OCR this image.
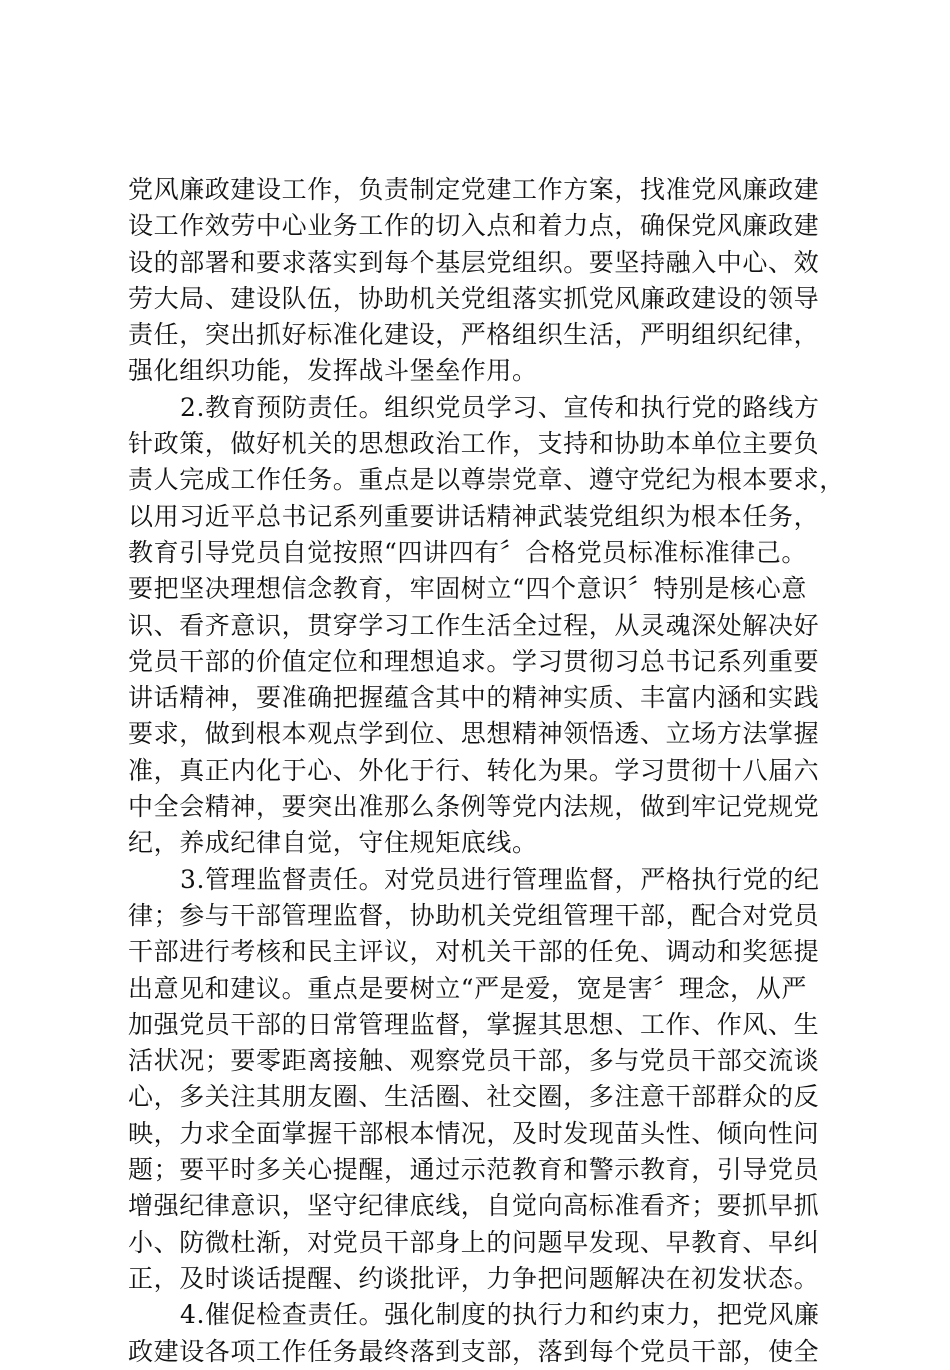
党风廉政建设工作，负责制定党建工作方案，找准党风廉政建
设工作效劳中心业务工作的切入点和着力点，确保党风廉政建
设的部署和要求落实到每个基层党组织。要坚持融入中心、效
劳大局、建设队伍，协助机关党组落实抓党风廉政建设的领导
责任，突出抓好标准化建设，严格组织生活，严明组织纪律，
强化组织功能，发挥战斗堡垒作用。
2.教育预防责任。组织党员学习、宣传和执行党的路线方
针政策，做好机关的思想政治工作，支持和协助本单位主要负
责人完成工作任务。重点是以尊崇党章、遵守党纪为根本要求，
以用习近平总书记系列重要讲话精神武装党组织为根本任务，
教育引导党员自觉按照“四讲四有〞合格党员标准标准律己。
要把坚决理想信念教育，牢固树立“四个意识〞特别是核心意
识、看齐意识，贯穿学习工作生活全过程，从灵魂深处解决好
党员干部的价值定位和理想追求。学习贯彻习总书记系列重要
讲话精神，要准确把握蕴含其中的精神实质、丰富内涵和实践
要求，做到根本观点学到位、思想精神领悟透、立场方法掌握
准，真正内化于心、外化于行、转化为果。学习贯彻十八届六
中全会精神，要突出准那么条例等党内法规，做到牢记党规党
纪，养成纪律自觉，守住规矩底线。
3.管理监督责任。对党员进行管理监督，严格执行党的纪
律；参与干部管理监督，协助机关党组管理干部，配合对党员
干部进行考核和民主评议，对机关干部的任免、调动和奖惩提
出意见和建议。重点是要树立“严是爱，宽是害〞理念，从严
加强党员干部的日常管理监督，掌握其思想、工作、作风、生
活状况；要零距离接触、观察党员干部，多与党员干部交流谈
心，多关注其朋友圈、生活圈、社交圈，多注意干部群众的反
映，力求全面掌握干部根本情况，及时发现苗头性、倾向性问
题；要平时多关心提醒，通过示范教育和警示教育，引导党员
增强纪律意识，坚守纪律底线，自觉向高标准看齐；要抓早抓
小、防微杜渐，对党员干部身上的问题早发现、早教育、早纠
正，及时谈话提醒、约谈批评，力争把问题解决在初发状态。
4.催促检查责任。强化制度的执行力和约束力，把党风廉
政建设各项工作任务最终落到支部，落到每个党员干部，使全
